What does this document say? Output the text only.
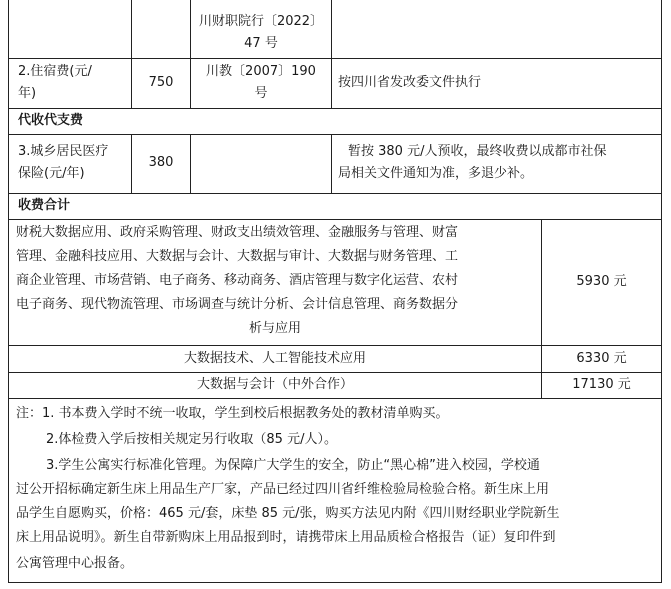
川财职院行〔2022〕
47 号
2.住宿费(元/
年)
750
川教〔2007〕190
号
按四川省发改委文件执行
代收代支费
3.城乡居民医疗
保险(元/年)
380
暂按 380 元/人预收，最终收费以成都市社保
局相关文件通知为准，多退少补。
收费合计
财税大数据应用、政府采购管理、财政支出绩效管理、金融服务与管理、财富
管理、金融科技应用、大数据与会计、大数据与审计、大数据与财务管理、工
商企业管理、市场营销、电子商务、移动商务、酒店管理与数字化运营、农村
电子商务、现代物流管理、市场调查与统计分析、会计信息管理、商务数据分
析与应用
5930 元
大数据技术、人工智能技术应用	6330 元
大数据与会计（中外合作）	17130 元
注：1. 书本费入学时不统一收取，学生到校后根据教务处的教材清单购买。
2.体检费入学后按相关规定另行收取（85 元/人）。
3.学生公寓实行标准化管理。为保障广大学生的安全，防止“黑心棉”进入校园，学校通
过公开招标确定新生床上用品生产厂家，产品已经过四川省纤维检验局检验合格。新生床上用
品学生自愿购买，价格：465 元/套，床垫 85 元/张，购买方法见内附《四川财经职业学院新生
床上用品说明》。新生自带新购床上用品报到时，请携带床上用品质检合格报告（证）复印件到
公寓管理中心报备。
